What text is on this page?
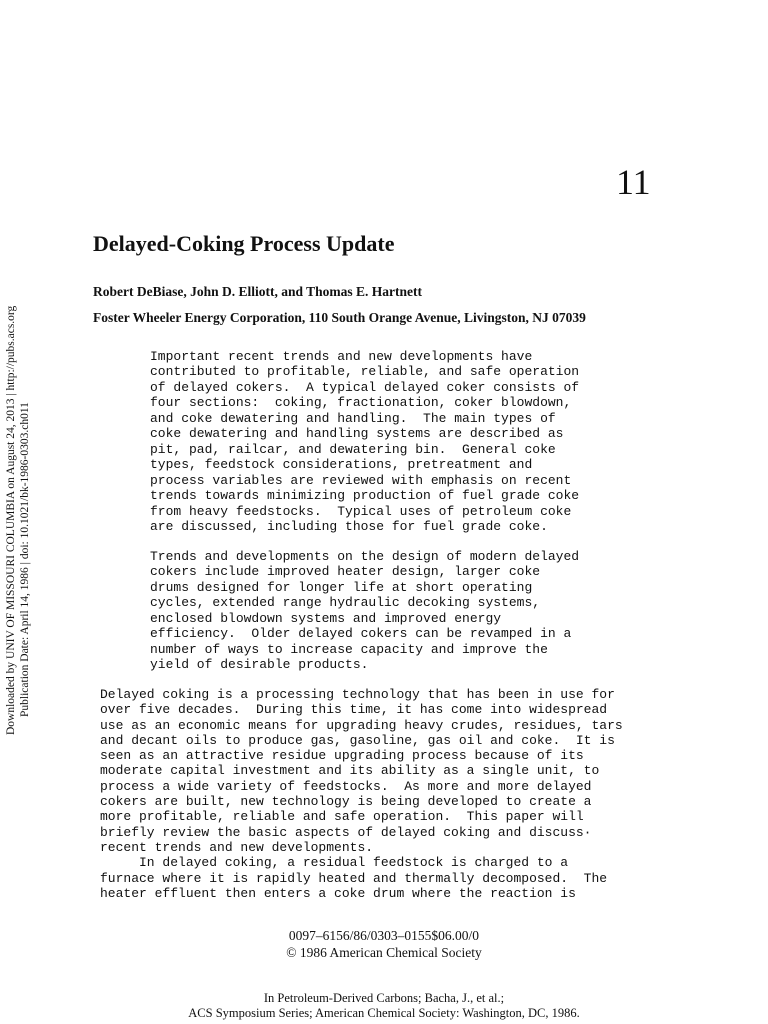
11
Delayed-Coking Process Update
Robert DeBiase, John D. Elliott, and Thomas E. Hartnett
Foster Wheeler Energy Corporation, 110 South Orange Avenue, Livingston, NJ 07039

Important recent trends and new developments have
contributed to profitable, reliable, and safe operation
of delayed cokers.  A typical delayed coker consists of
four sections:  coking, fractionation, coker blowdown,
and coke dewatering and handling.  The main types of
coke dewatering and handling systems are described as
pit, pad, railcar, and dewatering bin.  General coke
types, feedstock considerations, pretreatment and
process variables are reviewed with emphasis on recent
trends towards minimizing production of fuel grade coke
from heavy feedstocks.  Typical uses of petroleum coke
are discussed, including those for fuel grade coke.

Trends and developments on the design of modern delayed
cokers include improved heater design, larger coke
drums designed for longer life at short operating
cycles, extended range hydraulic decoking systems,
enclosed blowdown systems and improved energy
efficiency.  Older delayed cokers can be revamped in a
number of ways to increase capacity and improve the
yield of desirable products.

Delayed coking is a processing technology that has been in use for
over five decades.  During this time, it has come into widespread
use as an economic means for upgrading heavy crudes, residues, tars
and decant oils to produce gas, gasoline, gas oil and coke.  It is
seen as an attractive residue upgrading process because of its
moderate capital investment and its ability as a single unit, to
process a wide variety of feedstocks.  As more and more delayed
cokers are built, new technology is being developed to create a
more profitable, reliable and safe operation.  This paper will
briefly review the basic aspects of delayed coking and discuss·
recent trends and new developments.
In delayed coking, a residual feedstock is charged to a
furnace where it is rapidly heated and thermally decomposed.  The
heater effluent then enters a coke drum where the reaction is

0097–6156/86/0303–0155$06.00/0
© 1986 American Chemical Society
In Petroleum-Derived Carbons; Bacha, J., et al.;
ACS Symposium Series; American Chemical Society: Washington, DC, 1986.
Downloaded by UNIV OF MISSOURI COLUMBIA on August 24, 2013 | http://pubs.acs.org Publication Date: April 14, 1986 | doi: 10.1021/bk-1986-0303.ch011
